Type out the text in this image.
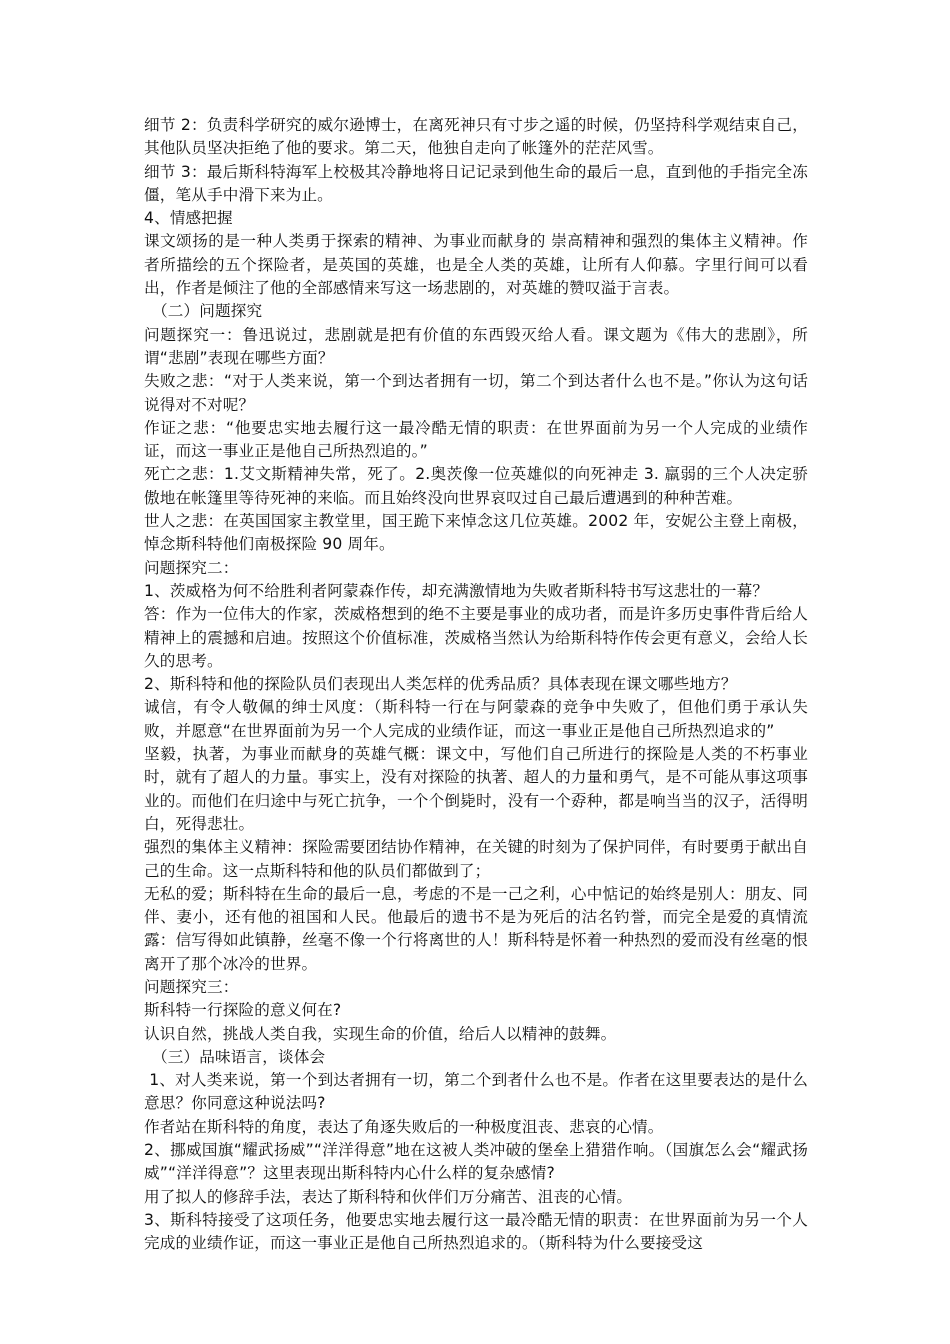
细节 2：负责科学研究的威尔逊博士，在离死神只有寸步之遥的时候，仍坚持科学观结束自己，其他队员坚决拒绝了他的要求。第二天，他独自走向了帐篷外的茫茫风雪。

细节 3：最后斯科特海军上校极其冷静地将日记记录到他生命的最后一息，直到他的手指完全冻僵，笔从手中滑下来为止。

4、情感把握

课文颂扬的是一种人类勇于探索的精神、为事业而献身的 崇高精神和强烈的集体主义精神。作者所描绘的五个探险者，是英国的英雄，也是全人类的英雄，让所有人仰慕。字里行间可以看出，作者是倾注了他的全部感情来写这一场悲剧的，对英雄的赞叹溢于言表。

（二）问题探究

问题探究一：鲁迅说过，悲剧就是把有价值的东西毁灭给人看。课文题为《伟大的悲剧》，所谓“悲剧”表现在哪些方面？

失败之悲：“对于人类来说，第一个到达者拥有一切，第二个到达者什么也不是。”你认为这句话说得对不对呢？

作证之悲：“他要忠实地去履行这一最冷酷无情的职责：在世界面前为另一个人完成的业绩作证，而这一事业正是他自己所热烈追的。”

死亡之悲：1.艾文斯精神失常，死了。2.奥茨像一位英雄似的向死神走 3. 羸弱的三个人决定骄傲地在帐篷里等待死神的来临。而且始终没向世界哀叹过自己最后遭遇到的种种苦难。

世人之悲：在英国国家主教堂里，国王跪下来悼念这几位英雄。2002 年，安妮公主登上南极，悼念斯科特他们南极探险 90 周年。

问题探究二：

1、茨威格为何不给胜利者阿蒙森作传，却充满激情地为失败者斯科特书写这悲壮的一幕？

答：作为一位伟大的作家，茨威格想到的绝不主要是事业的成功者，而是许多历史事件背后给人精神上的震撼和启迪。按照这个价值标准，茨威格当然认为给斯科特作传会更有意义，会给人长久的思考。

2、斯科特和他的探险队员们表现出人类怎样的优秀品质？具体表现在课文哪些地方？

诚信，有令人敬佩的绅士风度：（斯科特一行在与阿蒙森的竞争中失败了，但他们勇于承认失败，并愿意“在世界面前为另一个人完成的业绩作证，而这一事业正是他自己所热烈追求的”

坚毅，执著，为事业而献身的英雄气概：课文中，写他们自己所进行的探险是人类的不朽事业时，就有了超人的力量。事实上，没有对探险的执著、超人的力量和勇气，是不可能从事这项事业的。而他们在归途中与死亡抗争，一个个倒毙时，没有一个孬种，都是响当当的汉子，活得明白，死得悲壮。

强烈的集体主义精神：探险需要团结协作精神，在关键的时刻为了保护同伴，有时要勇于献出自己的生命。这一点斯科特和他的队员们都做到了；

无私的爱；斯科特在生命的最后一息，考虑的不是一己之利，心中惦记的始终是别人：朋友、同伴、妻小，还有他的祖国和人民。他最后的遗书不是为死后的沽名钓誉，而完全是爱的真情流露：信写得如此镇静，丝毫不像一个行将离世的人！斯科特是怀着一种热烈的爱而没有丝毫的恨离开了那个冰冷的世界。

问题探究三：

斯科特一行探险的意义何在?

认识自然，挑战人类自我，实现生命的价值，给后人以精神的鼓舞。

（三）品味语言，谈体会

1、对人类来说，第一个到达者拥有一切，第二个到者什么也不是。作者在这里要表达的是什么意思？你同意这种说法吗?

作者站在斯科特的角度，表达了角逐失败后的一种极度沮丧、悲哀的心情。

2、挪威国旗“耀武扬威”“洋洋得意”地在这被人类冲破的堡垒上猎猎作响。（国旗怎么会“耀武扬威”“洋洋得意”？这里表现出斯科特内心什么样的复杂感情?

用了拟人的修辞手法，表达了斯科特和伙伴们万分痛苦、沮丧的心情。

3、斯科特接受了这项任务，他要忠实地去履行这一最冷酷无情的职责：在世界面前为另一个人完成的业绩作证，而这一事业正是他自己所热烈追求的。（斯科特为什么要接受这
